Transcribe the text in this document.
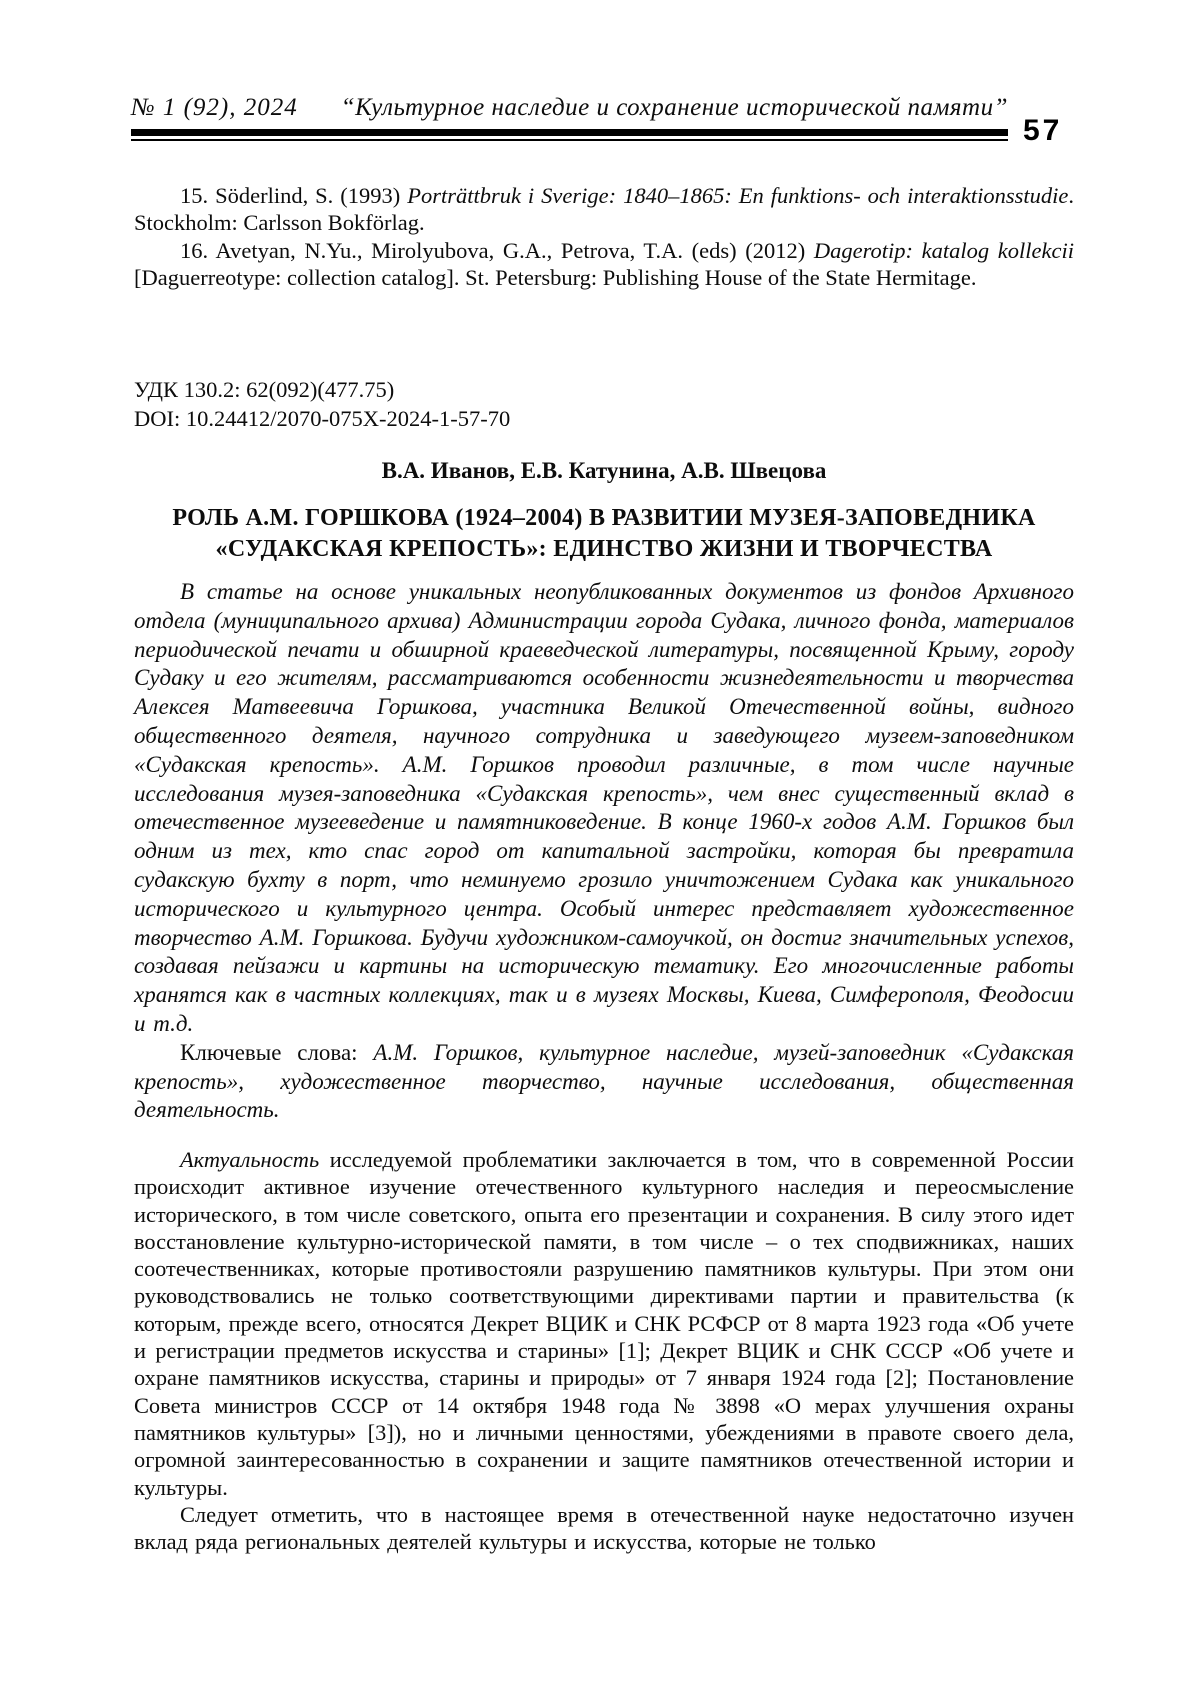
№ 1 (92), 2024 “Культурное наследие и сохранение исторической памяти”
57

15. Söderlind, S. (1993) Porträttbruk i Sverige: 1840–1865: En funktions- och interaktionsstudie. Stockholm: Carlsson Bokförlag.

16. Avetyan, N.Yu., Mirolyubova, G.A., Petrova, T.A. (eds) (2012) Dagerotip: katalog kollekcii [Daguerreotype: collection catalog]. St. Petersburg: Publishing House of the State Hermitage.

УДК 130.2: 62(092)(477.75)

DOI: 10.24412/2070-075X-2024-1-57-70

В.А. Иванов, Е.В. Катунина, А.В. Швецова
РОЛЬ А.М. ГОРШКОВА (1924–2004) В РАЗВИТИИ МУЗЕЯ-ЗАПОВЕДНИКА «СУДАКСКАЯ КРЕПОСТЬ»: ЕДИНСТВО ЖИЗНИ И ТВОРЧЕСТВА

В статье на основе уникальных неопубликованных документов из фондов Архивного отдела (муниципального архива) Администрации города Судака, личного фонда, материалов периодической печати и обширной краеведческой литературы, посвященной Крыму, городу Судаку и его жителям, рассматриваются особенности жизнедеятельности и творчества Алексея Матвеевича Горшкова, участника Великой Отечественной войны, видного общественного деятеля, научного сотрудника и заведующего музеем-заповедником «Судакская крепость». А.М. Горшков проводил различные, в том числе научные исследования музея-заповедника «Судакская крепость», чем внес существенный вклад в отечественное музееведение и памятниковедение. В конце 1960-х годов А.М. Горшков был одним из тех, кто спас город от капитальной застройки, которая бы превратила судакскую бухту в порт, что неминуемо грозило уничтожением Судака как уникального исторического и культурного центра. Особый интерес представляет художественное творчество А.М. Горшкова. Будучи художником-самоучкой, он достиг значительных успехов, создавая пейзажи и картины на историческую тематику. Его многочисленные работы хранятся как в частных коллекциях, так и в музеях Москвы, Киева, Симферополя, Феодосии и т.д.

Ключевые слова: А.М. Горшков, культурное наследие, музей-заповедник «Судакская крепость», художественное творчество, научные исследования, общественная деятельность.

Актуальность исследуемой проблематики заключается в том, что в современной России происходит активное изучение отечественного культурного наследия и переосмысление исторического, в том числе советского, опыта его презентации и сохранения. В силу этого идет восстановление культурно-исторической памяти, в том числе – о тех сподвижниках, наших соотечественниках, которые противостояли разрушению памятников культуры. При этом они руководствовались не только соответствующими директивами партии и правительства (к которым, прежде всего, относятся Декрет ВЦИК и СНК РСФСР от 8 марта 1923 года «Об учете и регистрации предметов искусства и старины» [1]; Декрет ВЦИК и СНК СССР «Об учете и охране памятников искусства, старины и природы» от 7 января 1924 года [2]; Постановление Совета министров СССР от 14 октября 1948 года № 3898 «О мерах улучшения охраны памятников культуры» [3]), но и личными ценностями, убеждениями в правоте своего дела, огромной заинтересованностью в сохранении и защите памятников отечественной истории и культуры.

Следует отметить, что в настоящее время в отечественной науке недостаточно изучен вклад ряда региональных деятелей культуры и искусства, которые не только
